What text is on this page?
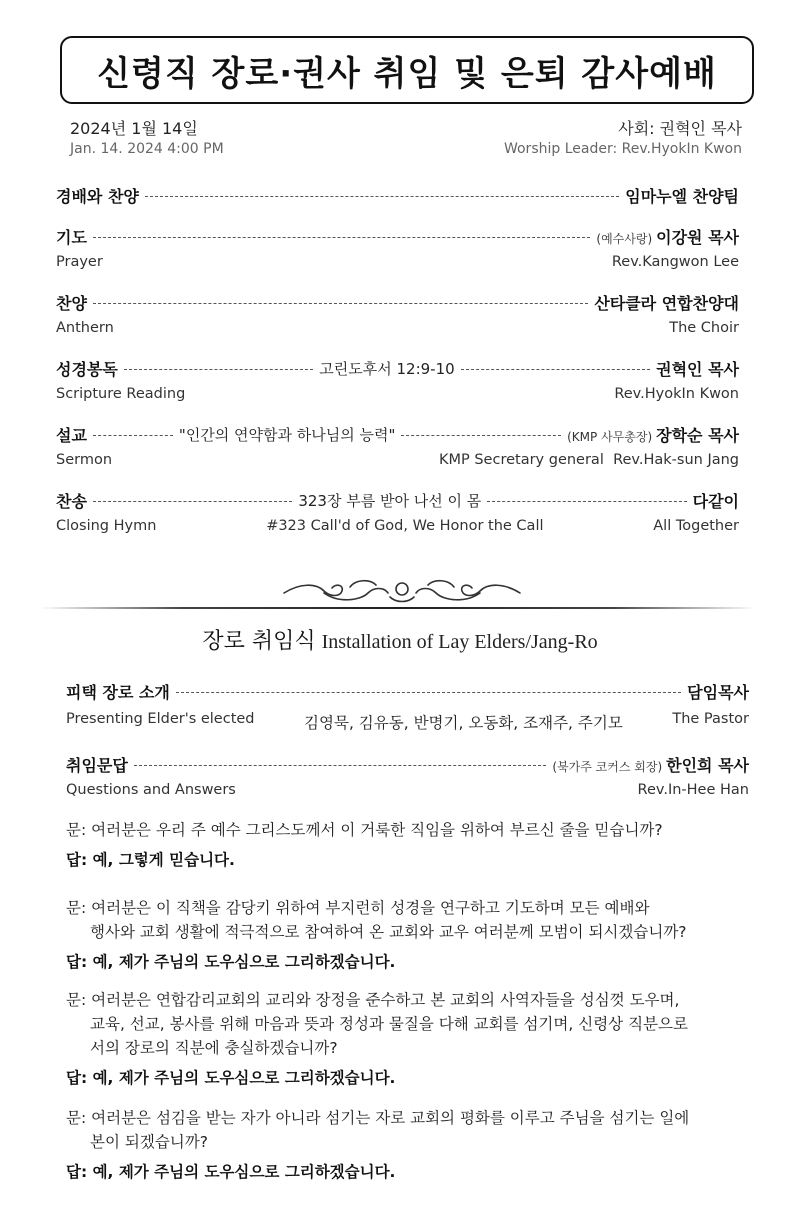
신령직 장로·권사 취임 및 은퇴 감사예배
2024년 1월 14일
Jan. 14. 2024 4:00 PM
사회: 권혁인 목사
Worship Leader: Rev.HyokIn Kwon
경배와 찬양	임마누엘 찬양팀
기도	(예수사랑) 이강원 목사
Prayer	Rev.Kangwon Lee
찬양	산타클라 연합찬양대
Anthern	The Choir
성경봉독	고린도후서 12:9-10	권혁인 목사
Scripture Reading	Rev.HyokIn Kwon
설교	"인간의 연약함과 하나님의 능력"	(KMP 사무총장) 장학순 목사
Sermon	KMP Secretary general  Rev.Hak-sun Jang
찬송	323장 부름 받아 나선 이 몸	다같이
Closing Hymn	#323 Call'd of God, We Honor the Call	All Together
장로 취임식 Installation of Lay Elders/Jang-Ro
피택 장로 소개	담임목사
Presenting Elder's elected	김영묵, 김유동, 반명기, 오동화, 조재주, 주기모	The Pastor
취임문답	(북가주 코커스 회장) 한인희 목사
Questions and Answers	Rev.In-Hee Han
문: 여러분은 우리 주 예수 그리스도께서 이 거룩한 직임을 위하여 부르신 줄을 믿습니까?
답: 예, 그렇게 믿습니다.
문: 여러분은 이 직책을 감당키 위하여 부지런히 성경을 연구하고 기도하며 모든 예배와
행사와 교회 생활에 적극적으로 참여하여 온 교회와 교우 여러분께 모범이 되시겠습니까?
답: 예, 제가 주님의 도우심으로 그리하겠습니다.
문: 여러분은 연합감리교회의 교리와 장정을 준수하고 본 교회의 사역자들을 성심껏 도우며,
교육, 선교, 봉사를 위해 마음과 뜻과 정성과 물질을 다해 교회를 섬기며, 신령상 직분으로
서의 장로의 직분에 충실하겠습니까?
답: 예, 제가 주님의 도우심으로 그리하겠습니다.
문: 여러분은 섬김을 받는 자가 아니라 섬기는 자로 교회의 평화를 이루고 주님을 섬기는 일에
본이 되겠습니까?
답: 예, 제가 주님의 도우심으로 그리하겠습니다.
